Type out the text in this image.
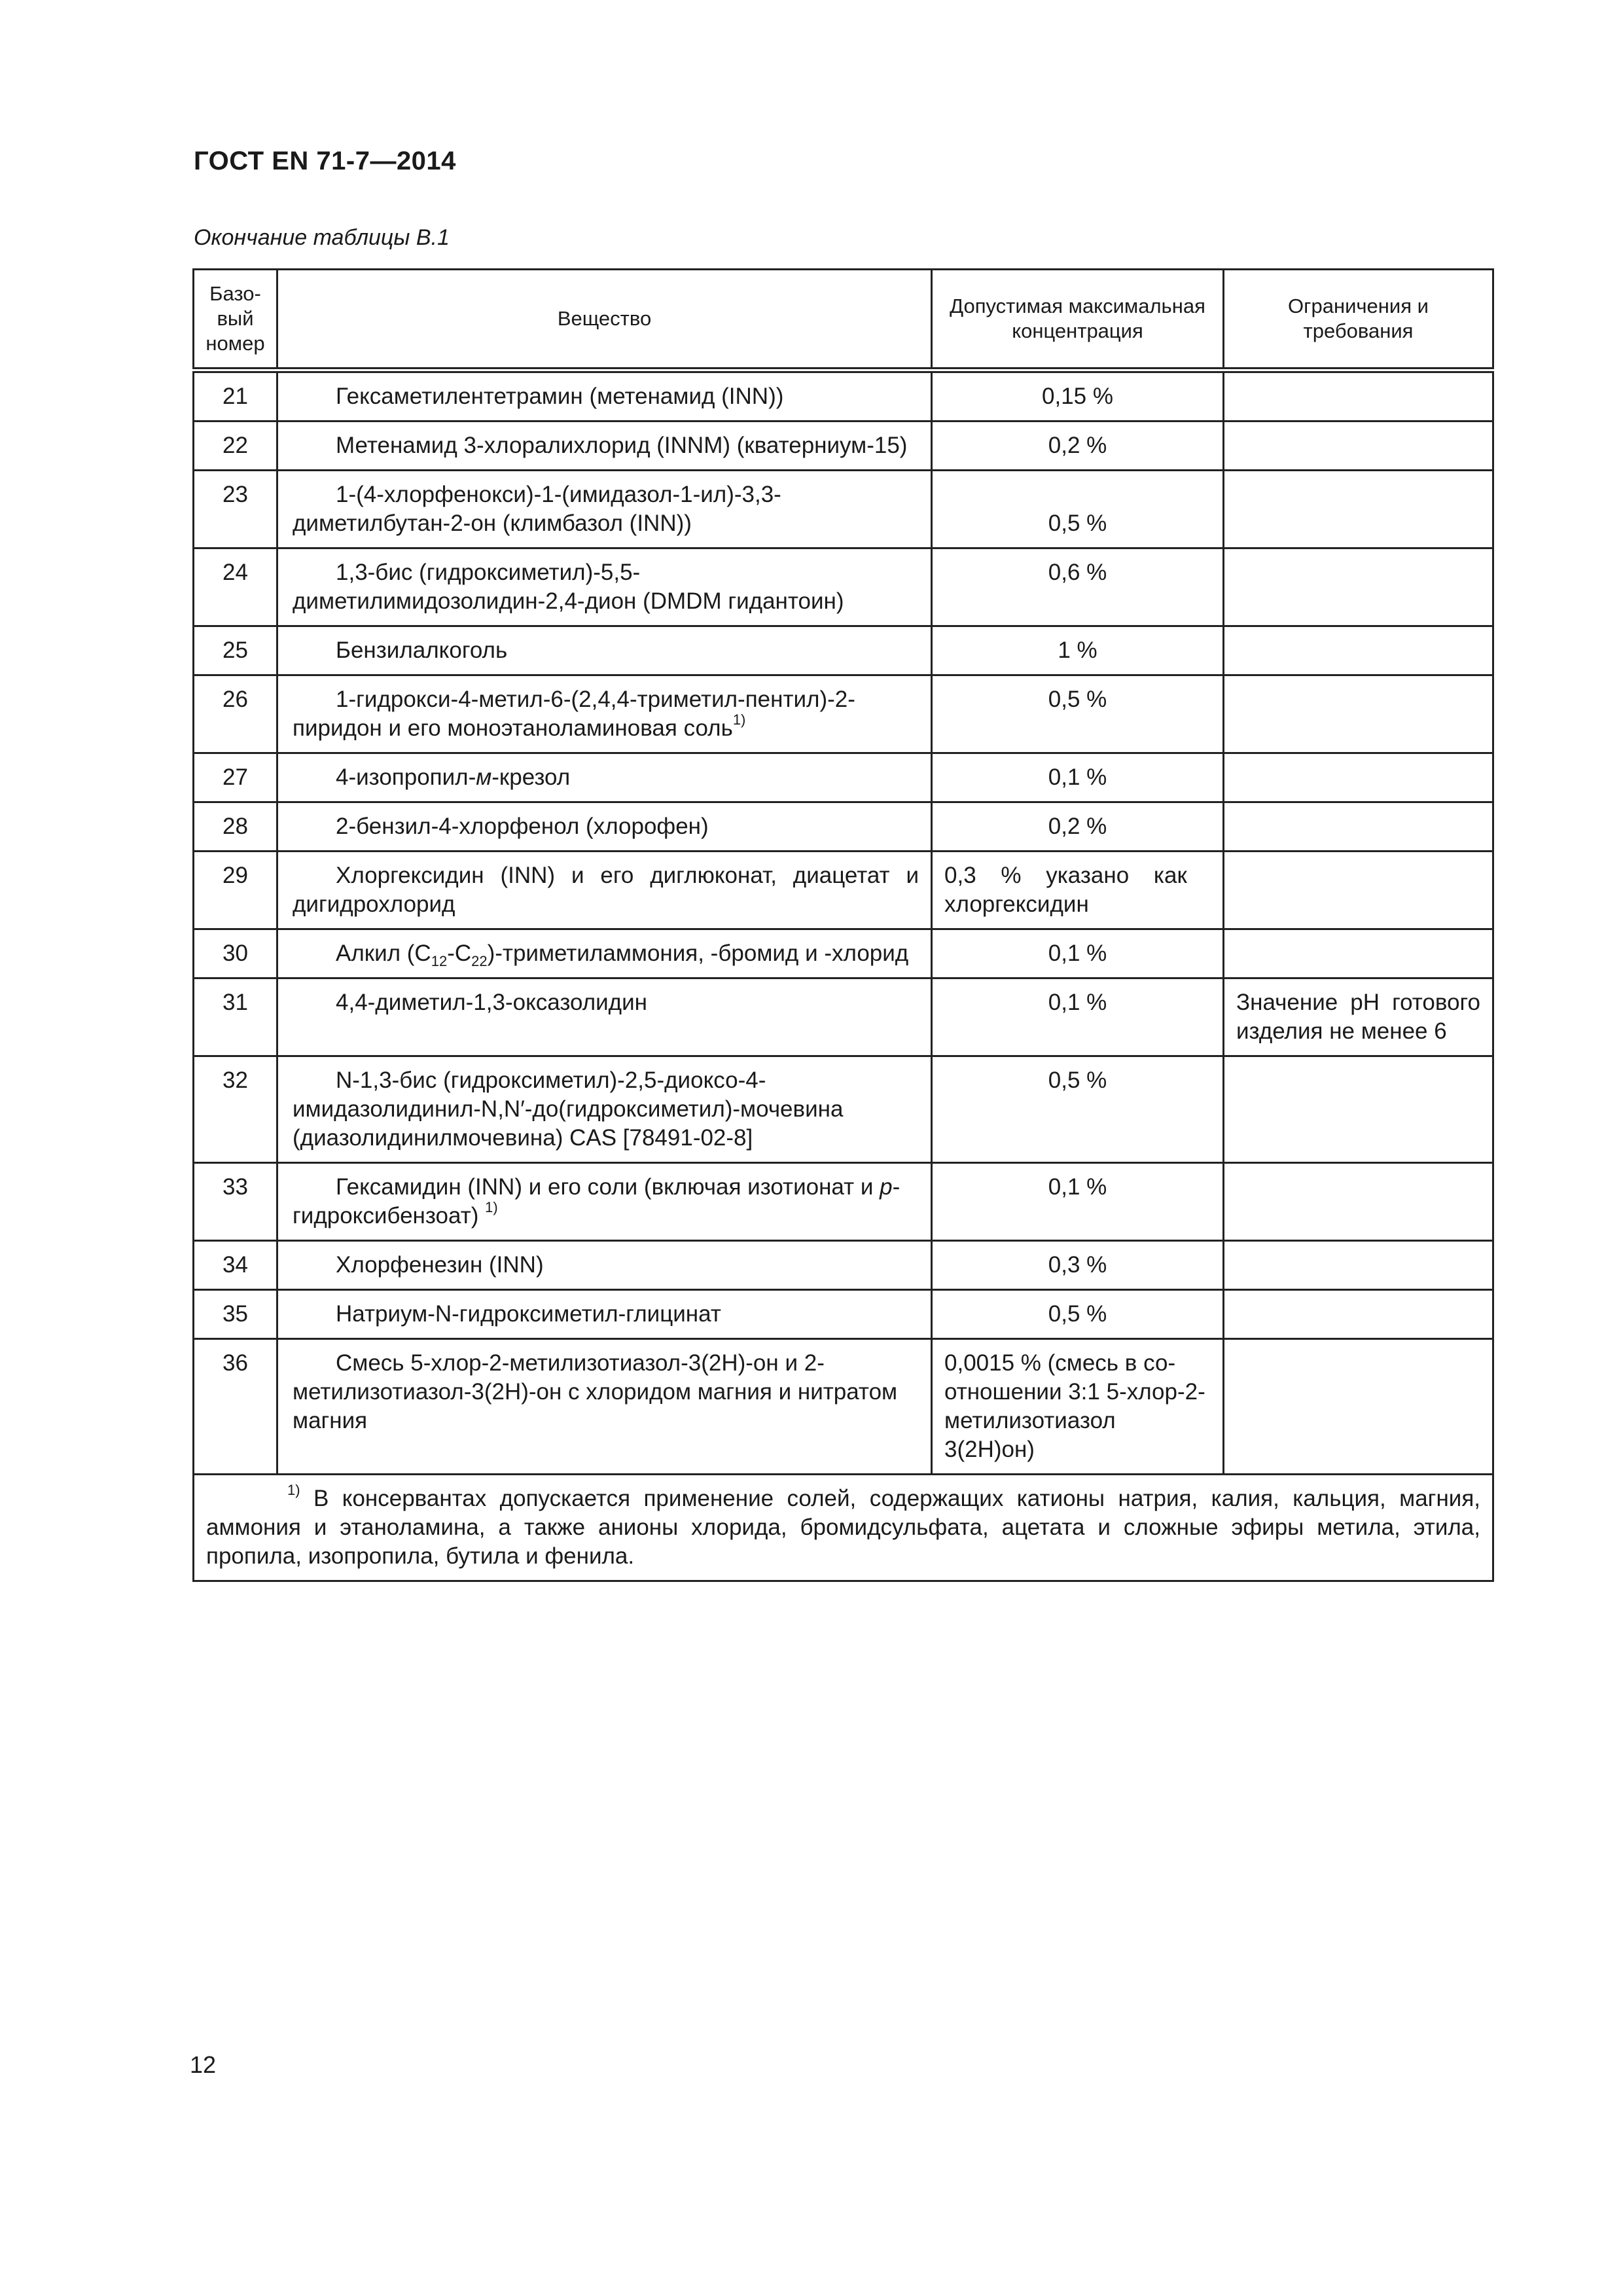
ГОСТ EN 71-7—2014
Окончание таблицы В.1
Базо-вый номер	Вещество	Допустимая максимальная концентрация	Ограничения и требования
21	Гексаметилентетрамин (метенамид (INN))	0,15 %	
22	Метенамид 3-хлоралихлорид (INNM) (кватерниум-15)	0,2 %	
23	1-(4-хлорфенокси)-1-(имидазол-1-ил)-3,3-диметилбутан-2-он (климбазол (INN))	0,5 %	
24	1,3-бис (гидроксиметил)-5,5-диметилимидозолидин-2,4-дион (DMDM гидантоин)	0,6 %	
25	Бензилалкоголь	1 %	
26	1-гидрокси-4-метил-6-(2,4,4-триметил-пентил)-2-пиридон и его моноэтаноламиновая соль$^{1)}$	0,5 %	
27	4-изопропил-м-крезол	0,1 %	
28	2-бензил-4-хлорфенол (хлорофен)	0,2 %	
29	Хлоргексидин (INN) и его диглюконат, диацетат и дигидрохлорид	0,3 % указано как хлоргексидин	
30	Алкил $(C_{12}-C_{22})$-триметиламмония, -бромид и -хлорид	0,1 %	
31	4,4-диметил-1,3-оксазолидин	0,1 %	Значение pH готового изделия не менее 6
32	N-1,3-бис (гидроксиметил)-2,5-диоксо-4-имидазолидинил-N,N′-до(гидроксиметил)-мочевина (диазолидинилмочевина) CAS [78491-02-8]	0,5 %	
33	Гексамидин (INN) и его соли (включая изотионат и p-гидроксибензоат) $^{1)}$	0,1 %	
34	Хлорфенезин (INN)	0,3 %	
35	Натриум-N-гидроксиметил-глицинат	0,5 %	
36	Смесь 5-хлор-2-метилизотиазол-3(2H)-он и 2-метилизотиазол-3(2H)-он с хлоридом магния и нитратом магния	0,0015 % (смесь в со-отношении 3:1 5-хлор-2-метилизотиазол 3(2H)он)	
$^{1)}$ В консервантах допускается применение солей, содержащих катионы натрия, калия, кальция, магния, аммония и этаноламина, а также анионы хлорида, бромидсульфата, ацетата и сложные эфиры метила, этила, пропила, изопропила, бутила и фенила.			
12
